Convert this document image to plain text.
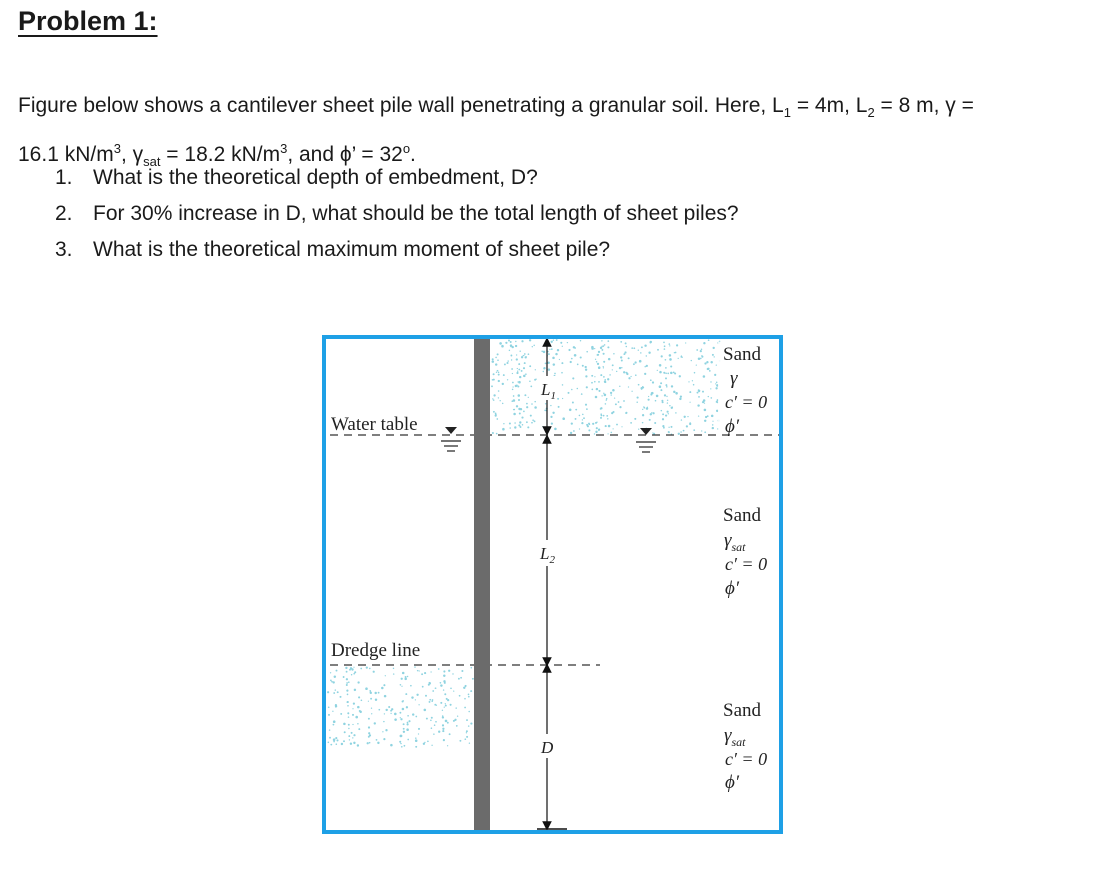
Problem 1:

Figure below shows a cantilever sheet pile wall penetrating a granular soil. Here, $L_1 = 4m$, $L_2 = 8$ m, γ =
16.1 $kN/m^3$, $\gamma_{sat} = 18.2$ $kN/m^3$, and ϕ’ = $32^o$.

1. What is the theoretical depth of embedment, D?
2. For 30% increase in D, what should be the total length of sheet piles?
3. What is the theoretical maximum moment of sheet pile?
$L_1$
$L_2$
D
Water table
Dredge line
Sand
γ
c′ = 0
ϕ′
Sand
$\gamma_{sat}$
c′ = 0
ϕ′
Sand
$\gamma_{sat}$
c′ = 0
ϕ′
